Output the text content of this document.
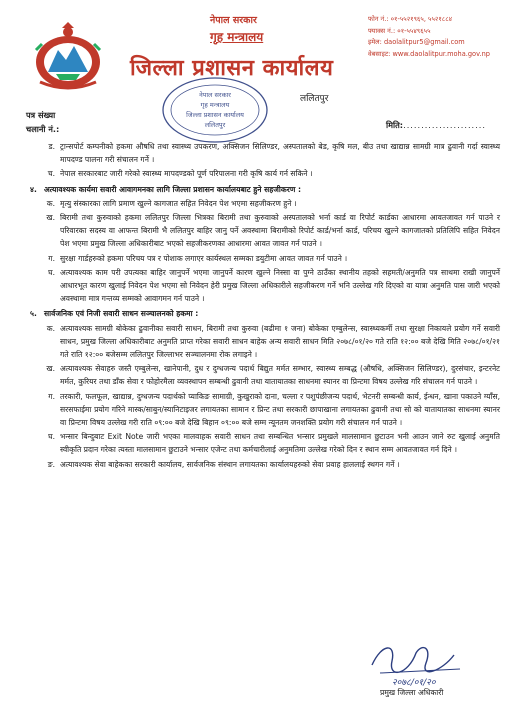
नेपाल सरकार
गृह मन्त्रालय
जिल्ला प्रशासन कार्यालय
ललितपुर
फोन नं.: ०१-५५२१९६५, ५५२१८८४
फ्याक्स नं.: ०१-५५४९६५५
इमेल: daolalitpur5@gmail.com
वेबसाइट: www.daolalitpur.moha.gov.np
नेपाल सरकार
गृह मन्त्रालय
जिल्ला प्रशासन कार्यालय
ललितपुर
पत्र संख्या
चलानी नं.:	मिति:.......................
ड. ट्रान्सपोर्ट कम्पनीको हकमा औषधि तथा स्वास्थ्य उपकरण, अक्सिजन सिलिण्डर, अस्पतालको बेड, कृषि मल, बीउ तथा खाद्यान्न सामग्री मात्र ढुवानी गर्दा स्वास्थ्य मापदण्ड पालना गरी संचालन गर्ने ।
च. नेपाल सरकारबाट जारी गरेको स्वास्थ्य मापदण्डको पूर्ण परिपालना गरी कृषि कार्य गर्न सकिने ।
४. अत्यावश्यक कार्यमा सवारी आवागमनका लागि जिल्ला प्रशासन कार्यालयबाट हुने सहजीकरण :
क. मृत्यु संस्कारका लागि प्रमाण खुल्ने कागजात सहित निवेदन पेश भएमा सहजीकरण हुने ।
ख. बिरामी तथा कुरुवाको हकमा ललितपुर जिल्ला भित्रका बिरामी तथा कुरुवाको अस्पतालको भर्ना कार्ड वा रिपोर्ट कार्डका आधारमा आवतजावत गर्न पाउने र परिवारका सदस्य वा आफन्त बिरामी भै ललितपुर बाहिर जानु पर्ने अवस्थामा बिरामीको रिपोर्ट कार्ड/भर्ना कार्ड, परिचय खुल्ने कागजातको प्रतिलिपि सहित निवेदन पेश भएमा प्रमुख जिल्ला अधिकारीबाट भएको सहजीकरणका आधारमा आवत जावत गर्न पाउने ।
ग. सुरक्षा गार्डहरुको हकमा परिचय पत्र र पोशाक लगाएर कार्यस्थल सम्मका डयुटीमा आवत जावत गर्न पाउने ।
घ. अत्यावश्यक काम परी उपत्यका बाहिर जानुपर्ने भएमा जानुपर्ने कारण खुल्ने निस्सा वा पुग्ने ठाउँका स्थानीय तहको सहमती/अनुमति पत्र साथमा राखी जानुपर्ने आधारभूत कारण खुलाई निवेदन पेश भएमा सो निवेदन हेरी प्रमुख जिल्ला अधिकारीले सहजीकरण गर्ने भनि उल्लेख गरि दिएको वा यात्रा अनुमति पास जारी भएको अवस्थामा मात्र गन्तव्य सम्मको आवागमन गर्न पाउने ।
५. सार्वजनिक एवं निजी सवारी साधन सञ्चालनको हकमा :
क. अत्यावश्यक सामग्री बोकेका ढुवानीका सवारी साधन, बिरामी तथा कुरुवा (बढीमा १ जना) बोकेका एम्बुलेन्स, स्वास्थ्यकर्मी तथा सुरक्षा निकायले प्रयोग गर्ने सवारी साधन, प्रमुख जिल्ला अधिकारीबाट अनुमति प्राप्त गरेका सवारी साधन बाहेक अन्य सवारी साधन मिति २०७८/०१/२० गते राति १२:०० बजे देखि मिति २०७८/०१/२१ गते राति १२:०० बजेसम्म ललितपुर जिल्लाभर सञ्चालनमा रोक लगाइने ।
ख. अत्यावश्यक सेवाहरु जस्तै एम्बुलेन्स, खानेपानी, दुध र दुग्धजन्य पदार्थ बिद्युत मर्मत सम्भार, स्वास्थ्य सम्बद्ध (औषधि, अक्सिजन सिलिण्डर), दुरसंचार, इन्टरनेट मर्मत, कुरियर तथा डाँक सेवा र फोहोरमैला व्यवस्थापन सम्बन्धी ढुवानी तथा यातायातका साधनमा स्यानर वा प्रिन्टमा विषय उल्लेख गरि संचालन गर्न पाउने ।
ग. तरकारी, फलफूल, खाद्यान्न, दुग्धजन्य पदार्थको प्याकिङ सामाग्री, कुखुराको दाना, चल्ला र पशुपंछीजन्य पदार्थ, भेटनरी सम्बन्धी कार्य, ईन्धन, खाना पकाउने ग्याँस, सरसफाईमा प्रयोग गरिने मास्क/साबुन/स्यानिटाइजर लगायतका सामान र प्रिन्ट तथा सरकारी छापाखाना लगायतका ढुवानी तथा सो को यातायातका साधनमा स्यानर वा प्रिन्टमा विषय उल्लेख गरी राति ०९:०० बजे देखि बिहान ०९:०० बजे सम्म न्यूनतम जनशक्ति प्रयोग गरी संचालन गर्न पाउने ।
घ. भन्सार बिन्दुबाट Exit Note जारी भएका मालवाहक सवारी साधन तथा सम्बन्धित भन्सार प्रमुखले मालसामान छुटाउन भनी आउन जाने रुट खुलाई अनुमति स्वीकृति प्रदान गरेका त्यस्ता मालसामान छुटाउने भन्सार एजेन्ट तथा कर्मचारीलाई अनुमतिमा उल्लेख गरेको दिन र स्थान सम्म आवतजावत गर्न दिने ।
ङ. अत्यावश्यक सेवा बाहेकका सरकारी कार्यालय, सार्वजनिक संस्थान लगायतका कार्यालयहरुको सेवा प्रवाह हाललाई स्थगन गर्ने ।
२०७८/०१/२०
प्रमुख जिल्ला अधिकारी
